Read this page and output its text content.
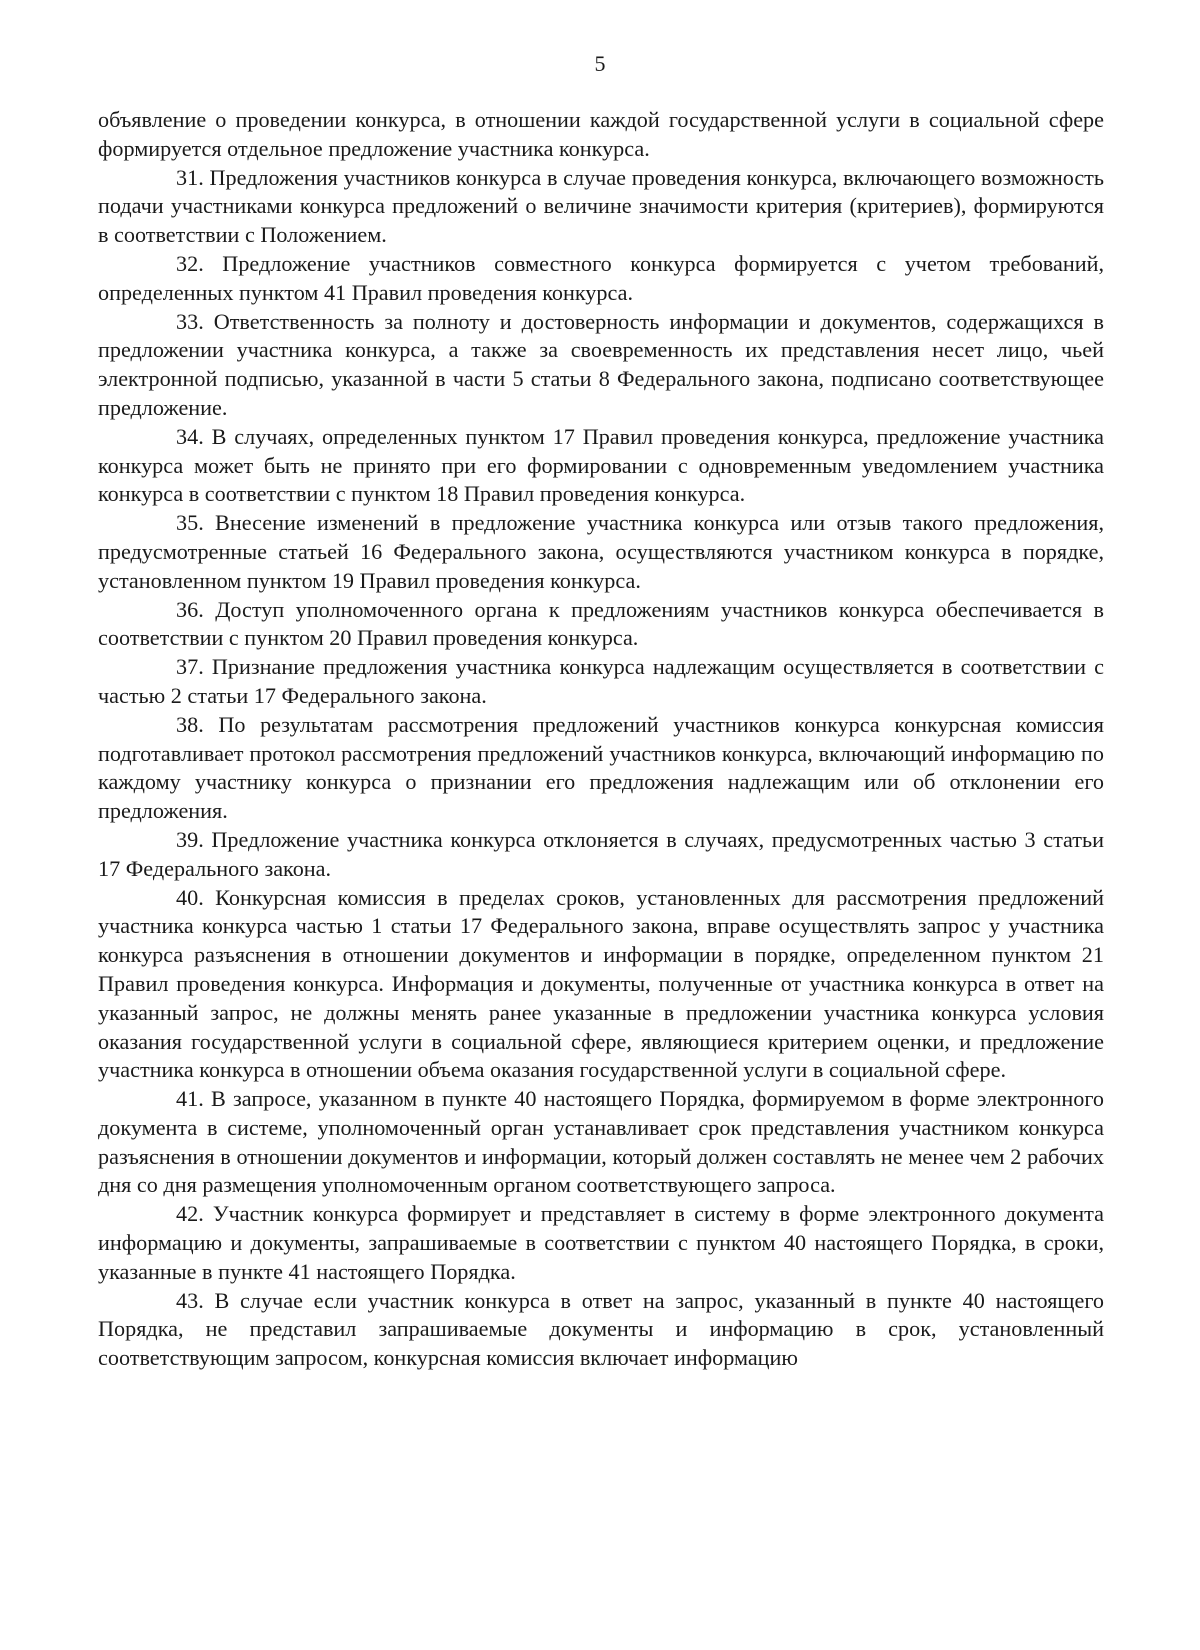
5

объявление о проведении конкурса, в отношении каждой государственной услуги в социальной сфере формируется отдельное предложение участника конкурса.

31. Предложения участников конкурса в случае проведения конкурса, включающего возможность подачи участниками конкурса предложений о величине значимости критерия (критериев), формируются в соответствии с Положением.

32. Предложение участников совместного конкурса формируется с учетом требований, определенных пунктом 41 Правил проведения конкурса.

33. Ответственность за полноту и достоверность информации и документов, содержащихся в предложении участника конкурса, а также за своевременность их представления несет лицо, чьей электронной подписью, указанной в части 5 статьи 8 Федерального закона, подписано соответствующее предложение.

34. В случаях, определенных пунктом 17 Правил проведения конкурса, предложение участника конкурса может быть не принято при его формировании с одновременным уведомлением участника конкурса в соответствии с пунктом 18 Правил проведения конкурса.

35. Внесение изменений в предложение участника конкурса или отзыв такого предложения, предусмотренные статьей 16 Федерального закона, осуществляются участником конкурса в порядке, установленном пунктом 19 Правил проведения конкурса.

36. Доступ уполномоченного органа к предложениям участников конкурса обеспечивается в соответствии с пунктом 20 Правил проведения конкурса.

37. Признание предложения участника конкурса надлежащим осуществляется в соответствии с частью 2 статьи 17 Федерального закона.

38. По результатам рассмотрения предложений участников конкурса конкурсная комиссия подготавливает протокол рассмотрения предложений участников конкурса, включающий информацию по каждому участнику конкурса о признании его предложения надлежащим или об отклонении его предложения.

39. Предложение участника конкурса отклоняется в случаях, предусмотренных частью 3 статьи 17 Федерального закона.

40. Конкурсная комиссия в пределах сроков, установленных для рассмотрения предложений участника конкурса частью 1 статьи 17 Федерального закона, вправе осуществлять запрос у участника конкурса разъяснения в отношении документов и информации в порядке, определенном пунктом 21 Правил проведения конкурса. Информация и документы, полученные от участника конкурса в ответ на указанный запрос, не должны менять ранее указанные в предложении участника конкурса условия оказания государственной услуги в социальной сфере, являющиеся критерием оценки, и предложение участника конкурса в отношении объема оказания государственной услуги в социальной сфере.

41. В запросе, указанном в пункте 40 настоящего Порядка, формируемом в форме электронного документа в системе, уполномоченный орган устанавливает срок представления участником конкурса разъяснения в отношении документов и информации, который должен составлять не менее чем 2 рабочих дня со дня размещения уполномоченным органом соответствующего запроса.

42. Участник конкурса формирует и представляет в систему в форме электронного документа информацию и документы, запрашиваемые в соответствии с пунктом 40 настоящего Порядка, в сроки, указанные в пункте 41 настоящего Порядка.

43. В случае если участник конкурса в ответ на запрос, указанный в пункте 40 настоящего Порядка, не представил запрашиваемые документы и информацию в срок, установленный соответствующим запросом, конкурсная комиссия включает информацию
